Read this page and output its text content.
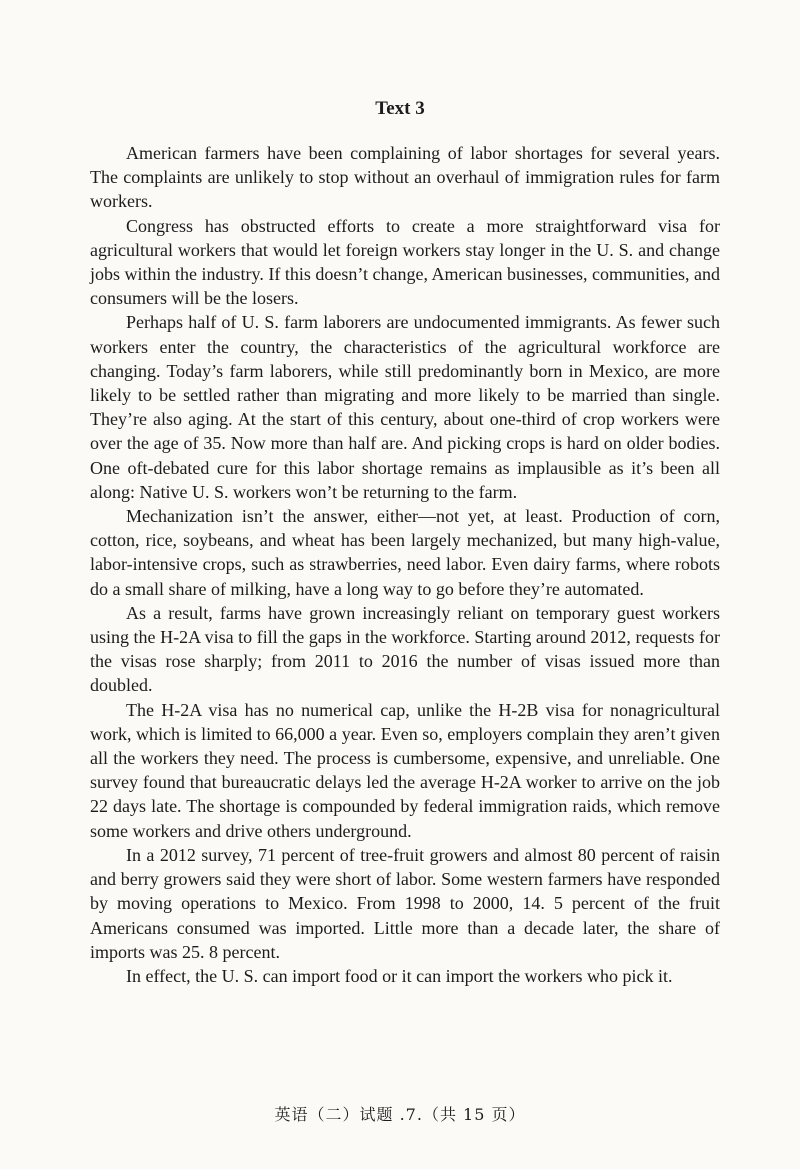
Text 3

American farmers have been complaining of labor shortages for several years. The complaints are unlikely to stop without an overhaul of immigration rules for farm workers.

Congress has obstructed efforts to create a more straightforward visa for agricultural workers that would let foreign workers stay longer in the U. S. and change jobs within the industry. If this doesn’t change, American businesses, communities, and consumers will be the losers.

Perhaps half of U. S. farm laborers are undocumented immigrants. As fewer such workers enter the country, the characteristics of the agricultural workforce are changing. Today’s farm laborers, while still predominantly born in Mexico, are more likely to be settled rather than migrating and more likely to be married than single. They’re also aging. At the start of this century, about one-third of crop workers were over the age of 35. Now more than half are. And picking crops is hard on older bodies. One oft-debated cure for this labor shortage remains as implausible as it’s been all along: Native U. S. workers won’t be returning to the farm.

Mechanization isn’t the answer, either—not yet, at least. Production of corn, cotton, rice, soybeans, and wheat has been largely mechanized, but many high-value, labor-intensive crops, such as strawberries, need labor. Even dairy farms, where robots do a small share of milking, have a long way to go before they’re automated.

As a result, farms have grown increasingly reliant on temporary guest workers using the H-2A visa to fill the gaps in the workforce. Starting around 2012, requests for the visas rose sharply; from 2011 to 2016 the number of visas issued more than doubled.

The H-2A visa has no numerical cap, unlike the H-2B visa for nonagricultural work, which is limited to 66,000 a year. Even so, employers complain they aren’t given all the workers they need. The process is cumbersome, expensive, and unreliable. One survey found that bureaucratic delays led the average H-2A worker to arrive on the job 22 days late. The shortage is compounded by federal immigration raids, which remove some workers and drive others underground.

In a 2012 survey, 71 percent of tree-fruit growers and almost 80 percent of raisin and berry growers said they were short of labor. Some western farmers have responded by moving operations to Mexico. From 1998 to 2000, 14. 5 percent of the fruit Americans consumed was imported. Little more than a decade later, the share of imports was 25. 8 percent.

In effect, the U. S. can import food or it can import the workers who pick it.

英语（二）试题 .7.（共 15 页）
